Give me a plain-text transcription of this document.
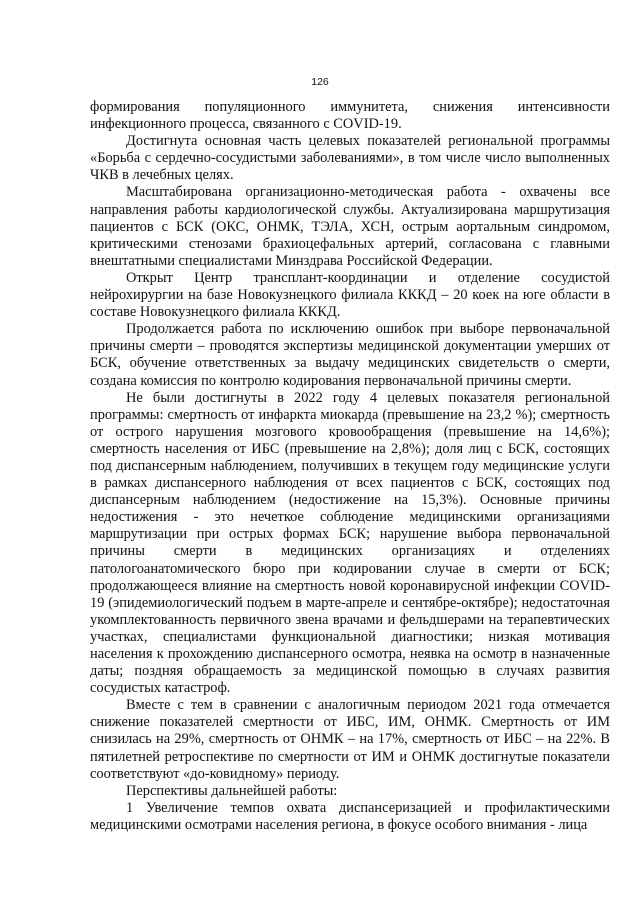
126

формирования популяционного иммунитета, снижения интенсивности инфекционного процесса, связанного с COVID-19.

Достигнута основная часть целевых показателей региональной программы «Борьба с сердечно-сосудистыми заболеваниями», в том числе число выполненных ЧКВ в лечебных целях.

Масштабирована организационно-методическая работа - охвачены все направления работы кардиологической службы. Актуализирована маршрутизация пациентов с БСК (ОКС, ОНМК, ТЭЛА, ХСН, острым аортальным синдромом, критическими стенозами брахиоцефальных артерий, согласована с главными внештатными специалистами Минздрава Российской Федерации.

Открыт Центр трансплант-координации и отделение сосудистой нейрохирургии на базе Новокузнецкого филиала КККД – 20 коек на юге области в составе Новокузнецкого филиала КККД.

Продолжается работа по исключению ошибок при выборе первоначальной причины смерти – проводятся экспертизы медицинской документации умерших от БСК, обучение ответственных за выдачу медицинских свидетельств о смерти, создана комиссия по контролю кодирования первоначальной причины смерти.

Не были достигнуты в 2022 году 4 целевых показателя региональной программы: смертность от инфаркта миокарда (превышение на 23,2 %); смертность от острого нарушения мозгового кровообращения (превышение на 14,6%); смертность населения от ИБС (превышение на 2,8%); доля лиц с БСК, состоящих под диспансерным наблюдением, получивших в текущем году медицинские услуги в рамках диспансерного наблюдения от всех пациентов с БСК, состоящих под диспансерным наблюдением (недостижение на 15,3%). Основные причины недостижения - это нечеткое соблюдение медицинскими организациями маршрутизации при острых формах БСК; нарушение выбора первоначальной причины смерти в медицинских организациях и отделениях патологоанатомического бюро при кодировании случае в смерти от БСК; продолжающееся влияние на смертность новой коронавирусной инфекции COVID-19 (эпидемиологический подъем в марте-апреле и сентябре-октябре); недостаточная укомплектованность первичного звена врачами и фельдшерами на терапевтических участках, специалистами функциональной диагностики; низкая мотивация населения к прохождению диспансерного осмотра, неявка на осмотр в назначенные даты; поздняя обращаемость за медицинской помощью в случаях развития сосудистых катастроф.

Вместе с тем в сравнении с аналогичным периодом 2021 года отмечается снижение показателей смертности от ИБС, ИМ, ОНМК. Смертность от ИМ снизилась на 29%, смертность от ОНМК – на 17%, смертность от ИБС – на 22%. В пятилетней ретроспективе по смертности от ИМ и ОНМК достигнутые показатели соответствуют «до-ковидному» периоду.

Перспективы дальнейшей работы:

1 Увеличение темпов охвата диспансеризацией и профилактическими медицинскими осмотрами населения региона, в фокусе особого внимания - лица
